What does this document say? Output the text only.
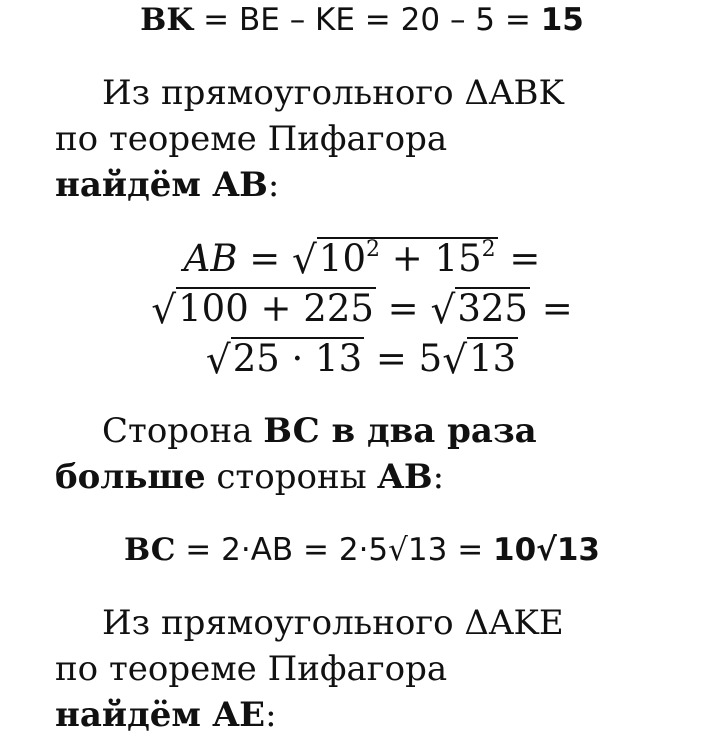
BK = BE – KE = 20 – 5 = 15
Из прямоугольного ΔABK
по теореме Пифагора
найдём AB:
AB = $√10^2 + 15^2$ =
√100 + 225 = √325 =
√25 · 13 = 5√13
Сторона BC в два раза
больше стороны AB:
BC = 2·AB = 2·5√13 = 10√13
Из прямоугольного ΔAKE
по теореме Пифагора
найдём AE:
